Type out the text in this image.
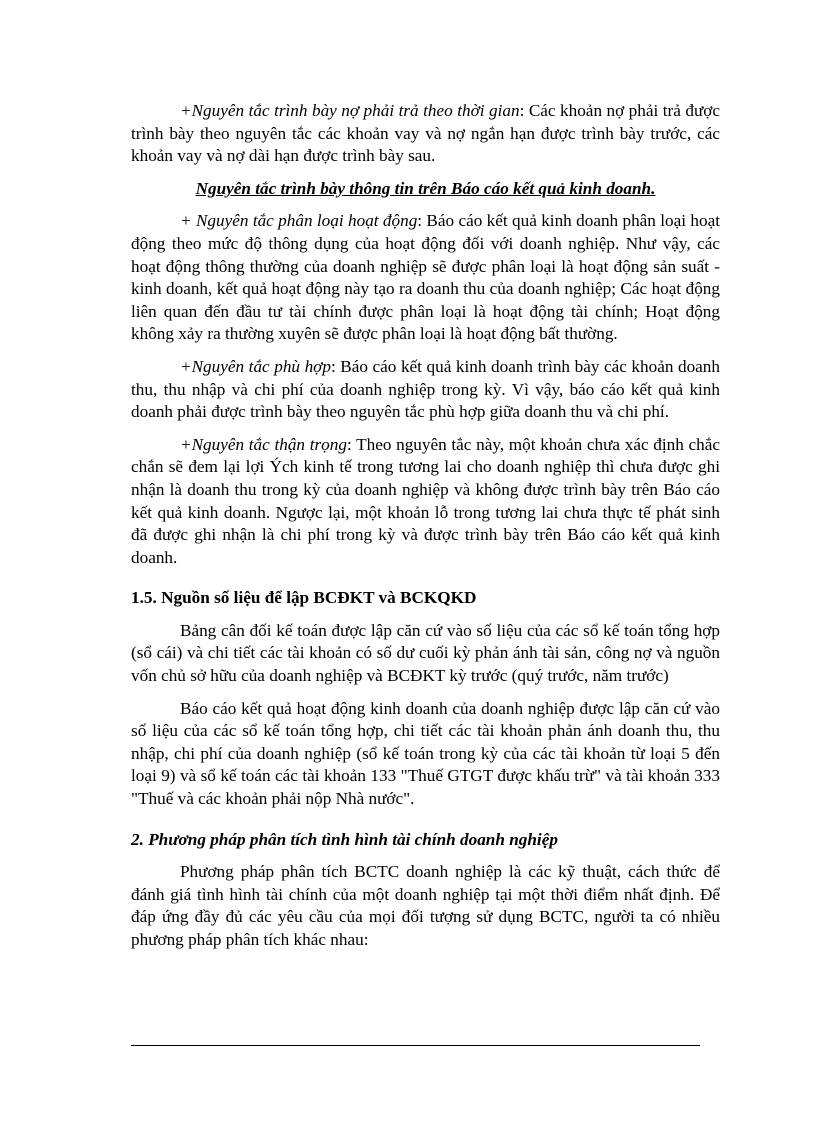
+Nguyên tắc trình bày nợ phải trả theo thời gian: Các khoản nợ phải trả được trình bày theo nguyên tắc các khoản vay và nợ ngắn hạn được trình bày trước, các khoản vay và nợ dài hạn được trình bày sau.

Nguyên tắc trình bày thông tin trên Báo cáo kết quả kinh doanh.

+ Nguyên tắc phân loại hoạt động: Báo cáo kết quả kinh doanh phân loại hoạt động theo mức độ thông dụng của hoạt động đối với doanh nghiệp. Như vậy, các hoạt động thông thường của doanh nghiệp sẽ được phân loại là hoạt động sản suất - kinh doanh, kết quả hoạt động này tạo ra doanh thu của doanh nghiệp; Các hoạt động liên quan đến đầu tư tài chính được phân loại là hoạt động tài chính; Hoạt động không xảy ra thường xuyên sẽ được phân loại là hoạt động bất thường.

+Nguyên tắc phù hợp: Báo cáo kết quả kinh doanh trình bày các khoản doanh thu, thu nhập và chi phí của doanh nghiệp trong kỳ. Vì vậy, báo cáo kết quả kinh doanh phải được trình bày theo nguyên tắc phù hợp giữa doanh thu và chi phí.

+Nguyên tắc thận trọng: Theo nguyên tắc này, một khoản chưa xác định chắc chắn sẽ đem lại lợi Ých kinh tế trong tương lai cho doanh nghiệp thì chưa được ghi nhận là doanh thu trong kỳ của doanh nghiệp và không được trình bày trên Báo cáo kết quả kinh doanh. Ngược lại, một khoản lỗ trong tương lai chưa thực tế phát sinh đã được ghi nhận là chi phí trong kỳ và được trình bày trên Báo cáo kết quả kinh doanh.

1.5. Nguồn số liệu để lập BCĐKT và BCKQKD

Bảng cân đối kế toán được lập căn cứ vào số liệu của các sổ kế toán tổng hợp (sổ cái) và chi tiết các tài khoản có số dư cuối kỳ phản ánh tài sản, công nợ và nguồn vốn chủ sở hữu của doanh nghiệp và BCĐKT kỳ trước (quý trước, năm trước)

Báo cáo kết quả hoạt động kinh doanh của doanh nghiệp được lập căn cứ vào số liệu của các sổ kế toán tổng hợp, chi tiết các tài khoản phản ánh doanh thu, thu nhập, chi phí của doanh nghiệp (sổ kế toán trong kỳ của các tài khoản từ loại 5 đến loại 9) và sổ kế toán các tài khoản 133 "Thuế GTGT được khấu trừ" và tài khoản 333 "Thuế và các khoản phải nộp Nhà nước".

2. Phương pháp phân tích tình hình tài chính doanh nghiệp

Phương pháp phân tích BCTC doanh nghiệp là các kỹ thuật, cách thức để đánh giá tình hình tài chính của một doanh nghiệp tại một thời điểm nhất định. Để đáp ứng đầy đủ các yêu cầu của mọi đối tượng sử dụng BCTC, người ta có nhiều phương pháp phân tích khác nhau:
